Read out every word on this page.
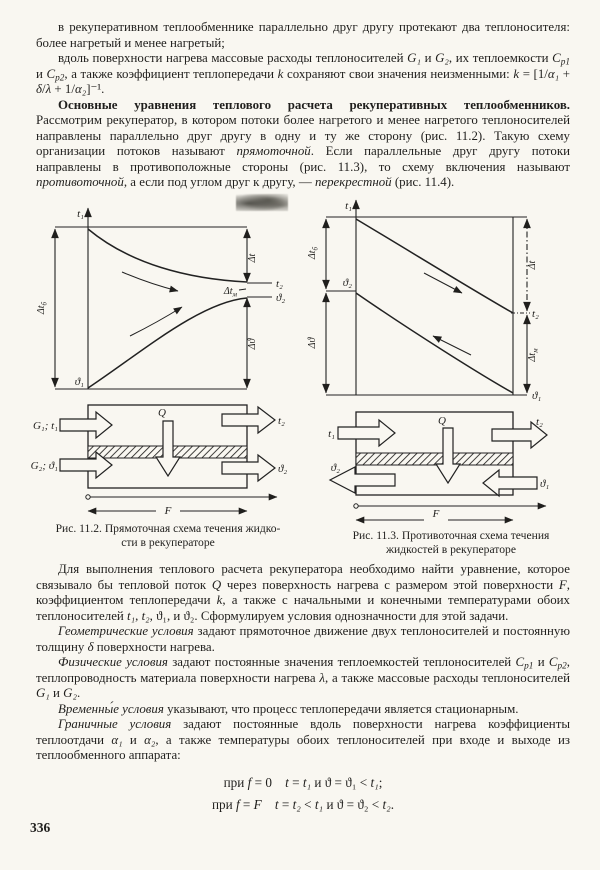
в рекуперативном теплообменнике параллельно друг другу протекают два теплоносителя: более нагретый и менее нагретый;

вдоль поверхности нагрева массовые расходы теплоносителей G₁ и G₂, их теплоемкости $C_{p1}$ и $C_{p2}$, а также коэффициент теплопередачи k сохраняют свои значения неизменными: k = [1/α₁ + δ/λ + 1/α₂]⁻¹.

Основные уравнения теплового расчета рекуперативных теплообменников. Рассмотрим рекуператор, в котором потоки более нагретого и менее нагретого теплоносителей направлены параллельно друг другу в одну и ту же сторону (рис. 11.2). Такую схему организации потоков называют прямоточной. Если параллельные друг другу потоки направлены в противоположные стороны (рис. 11.3), то схему включения называют противоточной, а если под углом друг к другу, — перекрестной (рис. 11.4).

t₁
ϑ₁
t₂
ϑ₂
$\Delta t_б$
Δt
Δϑ
$\Delta t_м$
Q
G₁; t₁	t₂
G₂; ϑ₁	ϑ₂
F
Рис. 11.2. Прямоточная схема течения жидко-
сти в рекуператоре
t₁
ϑ₂
t₂
ϑ₁
$\Delta t_б$
Δϑ
Δt
$\Delta t_м$
Q
t₁
t₂
ϑ₂
ϑ₁
F
Рис. 11.3. Противоточная схема течения
жидкостей в рекуператоре

Для выполнения теплового расчета рекуператора необходимо найти уравнение, которое связывало бы тепловой поток Q через поверхность нагрева с размером этой поверхности F, коэффициентом теплопередачи k, а также с начальными и конечными температурами обоих теплоносителей t₁, t₂, ϑ₁, и ϑ₂. Сформулируем условия однозначности для этой задачи.

Геометрические условия задают прямоточное движение двух теплоносителей и постоянную толщину δ поверхности нагрева.

Физические условия задают постоянные значения теплоемкостей теплоносителей $C_{p1}$ и $C_{p2}$, теплопроводность материала поверхности нагрева λ, а также массовые расходы теплоносителей G₁ и G₂.

Временны́е условия указывают, что процесс теплопередачи является стационарным.

Граничные условия задают постоянные вдоль поверхности нагрева коэффициенты теплоотдачи α₁ и α₂, а также температуры обоих теплоносителей при входе и выходе из теплообменного аппарата:

при f = 0 t = t₁ и ϑ = ϑ₁ < t₁;
при f = F  t = t₂ < t₁ и ϑ = ϑ₂ < t₂.
336
